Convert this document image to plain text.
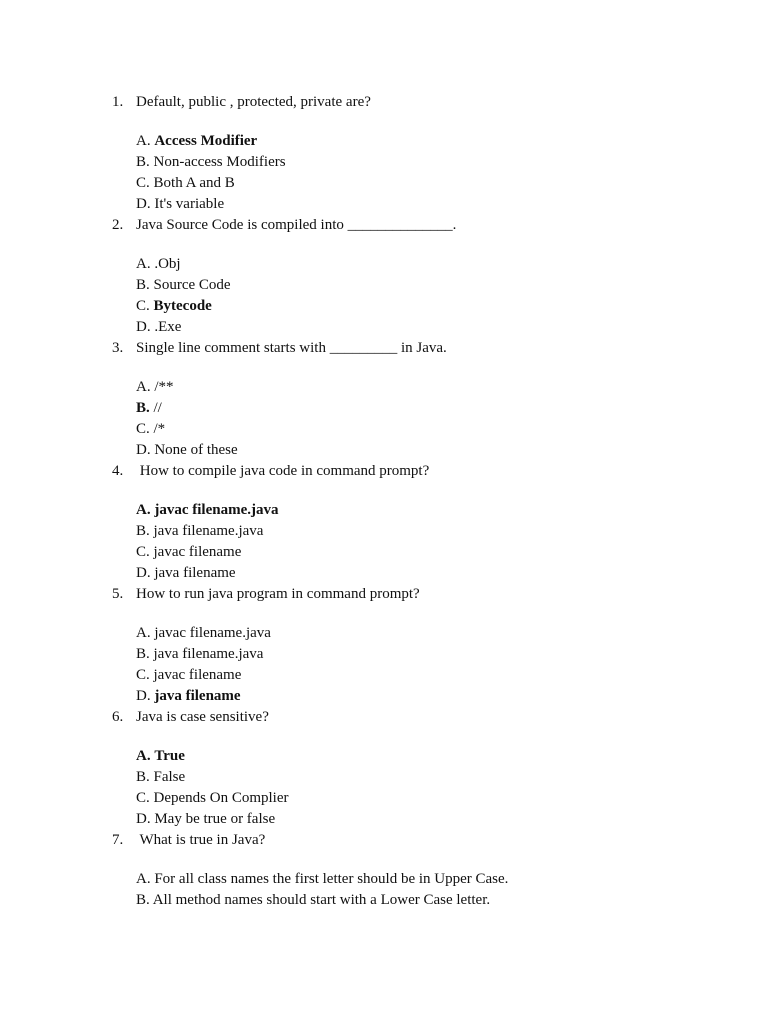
1. Default, public , protected, private are?
A. Access Modifier
B. Non-access Modifiers
C. Both A and B
D. It's variable
2. Java Source Code is compiled into ______________.
A. .Obj
B. Source Code
C. Bytecode
D. .Exe
3. Single line comment starts with _________ in Java.
A. /**
B. //
C. /*
D. None of these
4. How to compile java code in command prompt?
A. javac filename.java
B. java filename.java
C. javac filename
D. java filename
5. How to run java program in command prompt?
A. javac filename.java
B. java filename.java
C. javac filename
D. java filename
6. Java is case sensitive?
A. True
B. False
C. Depends On Complier
D. May be true or false
7. What is true in Java?
A. For all class names the first letter should be in Upper Case.
B. All method names should start with a Lower Case letter.
